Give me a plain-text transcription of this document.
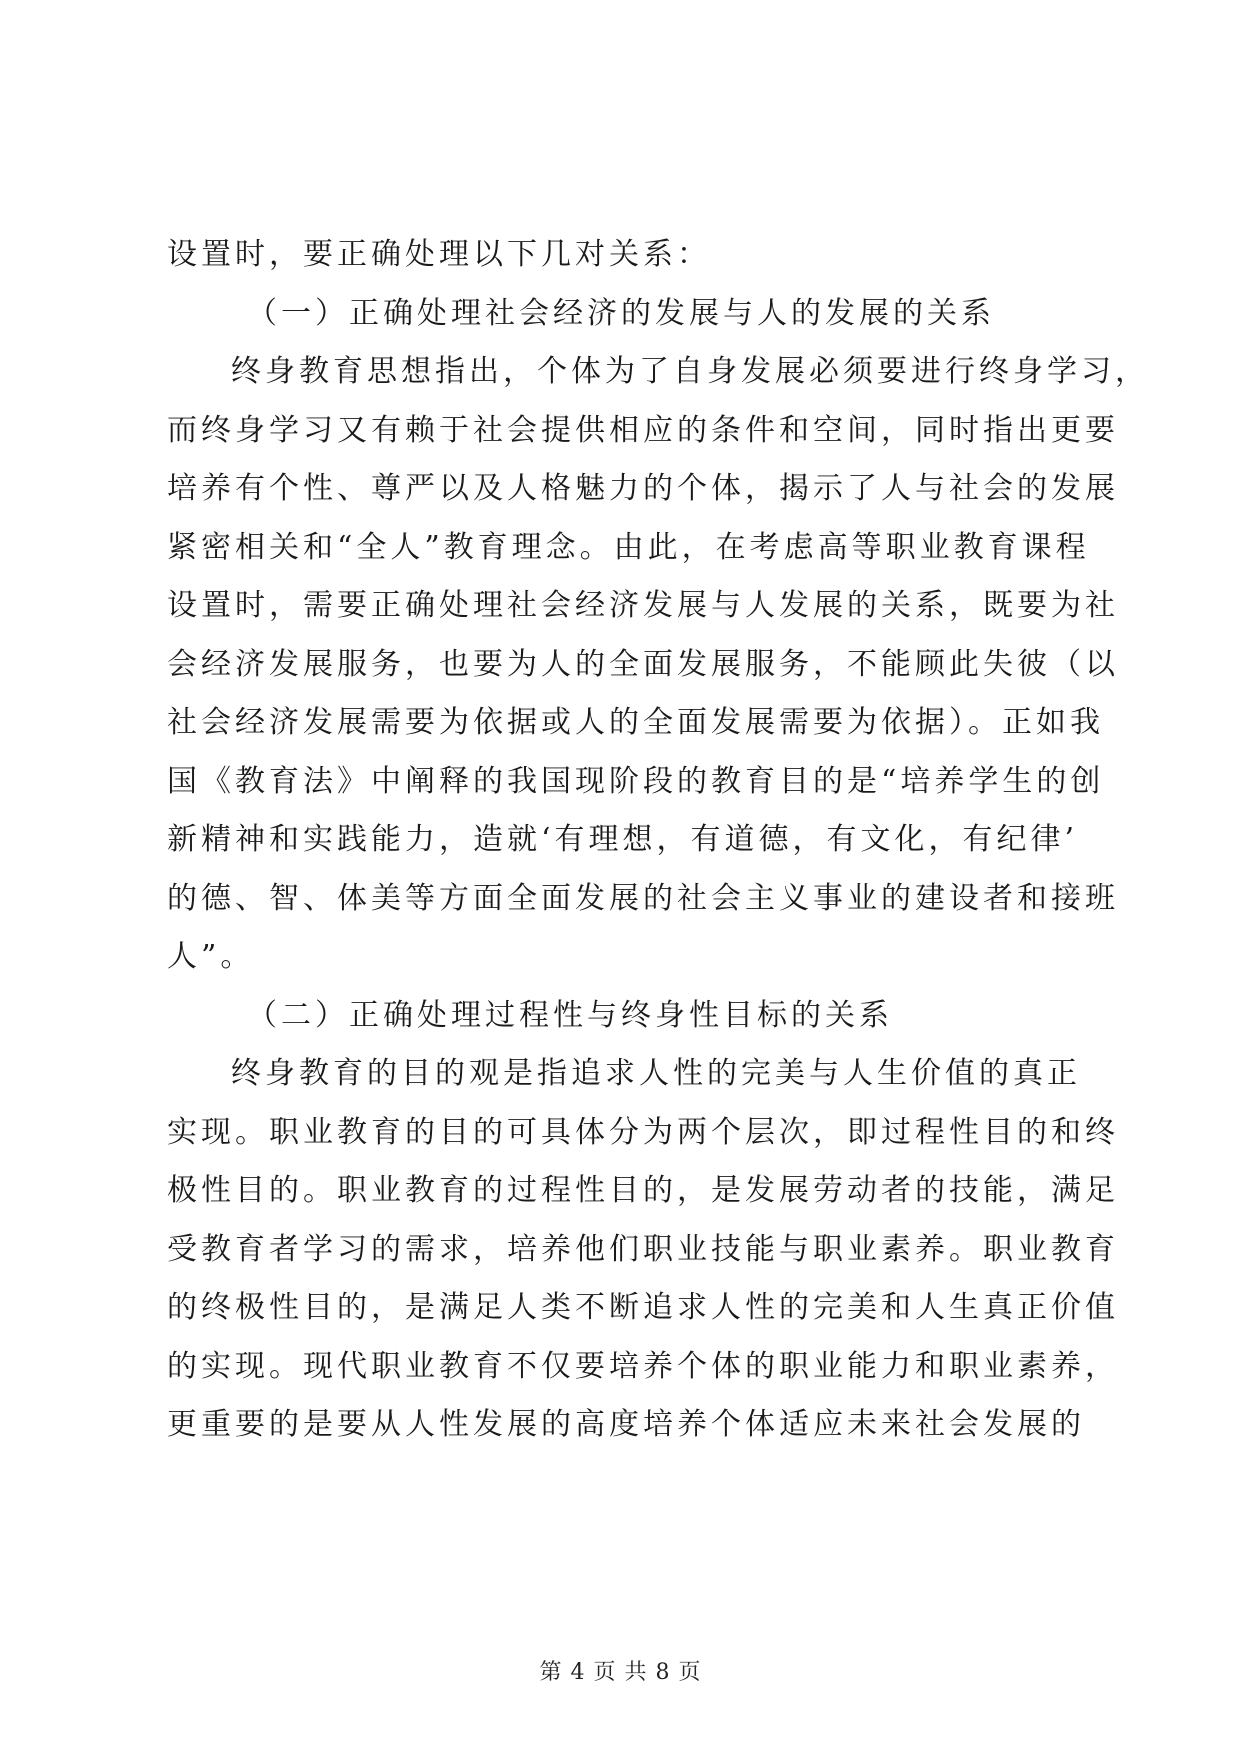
设置时，要正确处理以下几对关系：
（一）正确处理社会经济的发展与人的发展的关系
终身教育思想指出，个体为了自身发展必须要进行终身学习，
而终身学习又有赖于社会提供相应的条件和空间，同时指出更要
培养有个性、尊严以及人格魅力的个体，揭示了人与社会的发展
紧密相关和“全人”教育理念。由此，在考虑高等职业教育课程
设置时，需要正确处理社会经济发展与人发展的关系，既要为社
会经济发展服务，也要为人的全面发展服务，不能顾此失彼（以
社会经济发展需要为依据或人的全面发展需要为依据）。正如我
国《教育法》中阐释的我国现阶段的教育目的是“培养学生的创
新精神和实践能力，造就‘有理想，有道德，有文化，有纪律’
的德、智、体美等方面全面发展的社会主义事业的建设者和接班
人”。
（二）正确处理过程性与终身性目标的关系
终身教育的目的观是指追求人性的完美与人生价值的真正
实现。职业教育的目的可具体分为两个层次，即过程性目的和终
极性目的。职业教育的过程性目的，是发展劳动者的技能，满足
受教育者学习的需求，培养他们职业技能与职业素养。职业教育
的终极性目的，是满足人类不断追求人性的完美和人生真正价值
的实现。现代职业教育不仅要培养个体的职业能力和职业素养，
更重要的是要从人性发展的高度培养个体适应未来社会发展的
第 4 页 共 8 页
